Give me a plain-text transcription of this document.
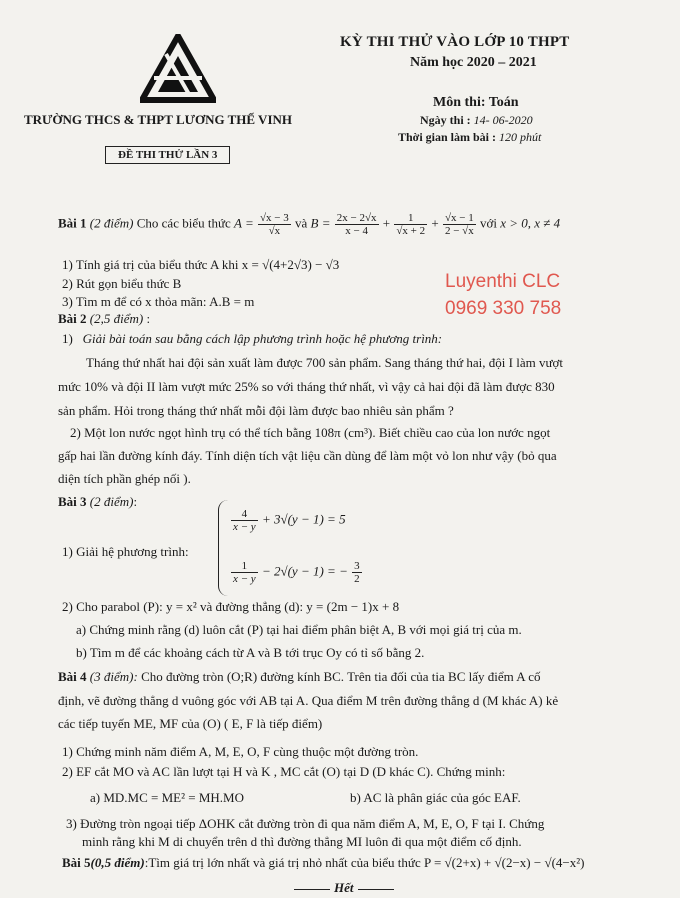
TRƯỜNG THCS & THPT LƯƠNG THẾ VINH
ĐỀ THI THỬ LẦN 3
KỲ THI THỬ VÀO LỚP 10 THPT
Năm học 2020 – 2021
Môn thi: Toán
Ngày thi : 14- 06-2020
Thời gian làm bài : 120 phút
Luyenthi CLC
0969 330 758
Bài 1 (2 điểm) Cho các biểu thức $A = \frac{√x - 3}{√x}$ và $B = \frac{2x - 2√x}{x - 4} + \frac{1}{√x + 2} + \frac{√x - 1}{2 - √x}$ với x > 0, x ≠ 4
1) Tính giá trị của biểu thức A khi x = √(4+2√3) − √3
2) Rút gọn biểu thức B
3) Tìm m để có x thỏa mãn: A.B = m
Bài 2 (2,5 điểm) :
1) Giải bài toán sau bằng cách lập phương trình hoặc hệ phương trình:
Tháng thứ nhất hai đội sản xuất làm được 700 sản phẩm. Sang tháng thứ hai, đội I làm vượt
mức 10% và đội II làm vượt mức 25% so với tháng thứ nhất, vì vậy cả hai đội đã làm được 830
sản phẩm. Hỏi trong tháng thứ nhất mỗi đội làm được bao nhiêu sản phẩm ?
2) Một lon nước ngọt hình trụ có thể tích bằng 108π (cm³). Biết chiều cao của lon nước ngọt
gấp hai lần đường kính đáy. Tính diện tích vật liệu cần dùng để làm một vỏ lon như vậy (bỏ qua
diện tích phần ghép nối ).
Bài 3 (2 điểm):
1) Giải hệ phương trình:
$\frac{4}{x - y} + 3√(y - 1) = 5$
$\frac{1}{x - y} - 2√(y - 1)$ = − $\frac{3}{2}$
2) Cho parabol (P): y = x² và đường thẳng (d): y = (2m − 1)x + 8
a) Chứng minh rằng (d) luôn cắt (P) tại hai điểm phân biệt A, B với mọi giá trị của m.
b) Tìm m để các khoảng cách từ A và B tới trục Oy có tỉ số bằng 2.
Bài 4 (3 điểm): Cho đường tròn (O;R) đường kính BC. Trên tia đối của tia BC lấy điểm A cố
định, vẽ đường thẳng d vuông góc với AB tại A. Qua điểm M trên đường thẳng d (M khác A) kẻ
các tiếp tuyến ME, MF của (O) ( E, F là tiếp điểm)
1) Chứng minh năm điểm A, M, E, O, F cùng thuộc một đường tròn.
2) EF cắt MO và AC lần lượt tại H và K , MC cắt (O) tại D (D khác C). Chứng minh:
a) MD.MC = ME² = MH.MO	b) AC là phân giác của góc EAF.
3) Đường tròn ngoại tiếp ΔOHK cắt đường tròn đi qua năm điểm A, M, E, O, F tại I. Chứng
minh rằng khi M di chuyển trên d thì đường thẳng MI luôn đi qua một điểm cố định.
Bài 5(0,5 điểm):Tìm giá trị lớn nhất và giá trị nhỏ nhất của biểu thức P = √(2+x) + √(2−x) − √(4−x²)
Hết
